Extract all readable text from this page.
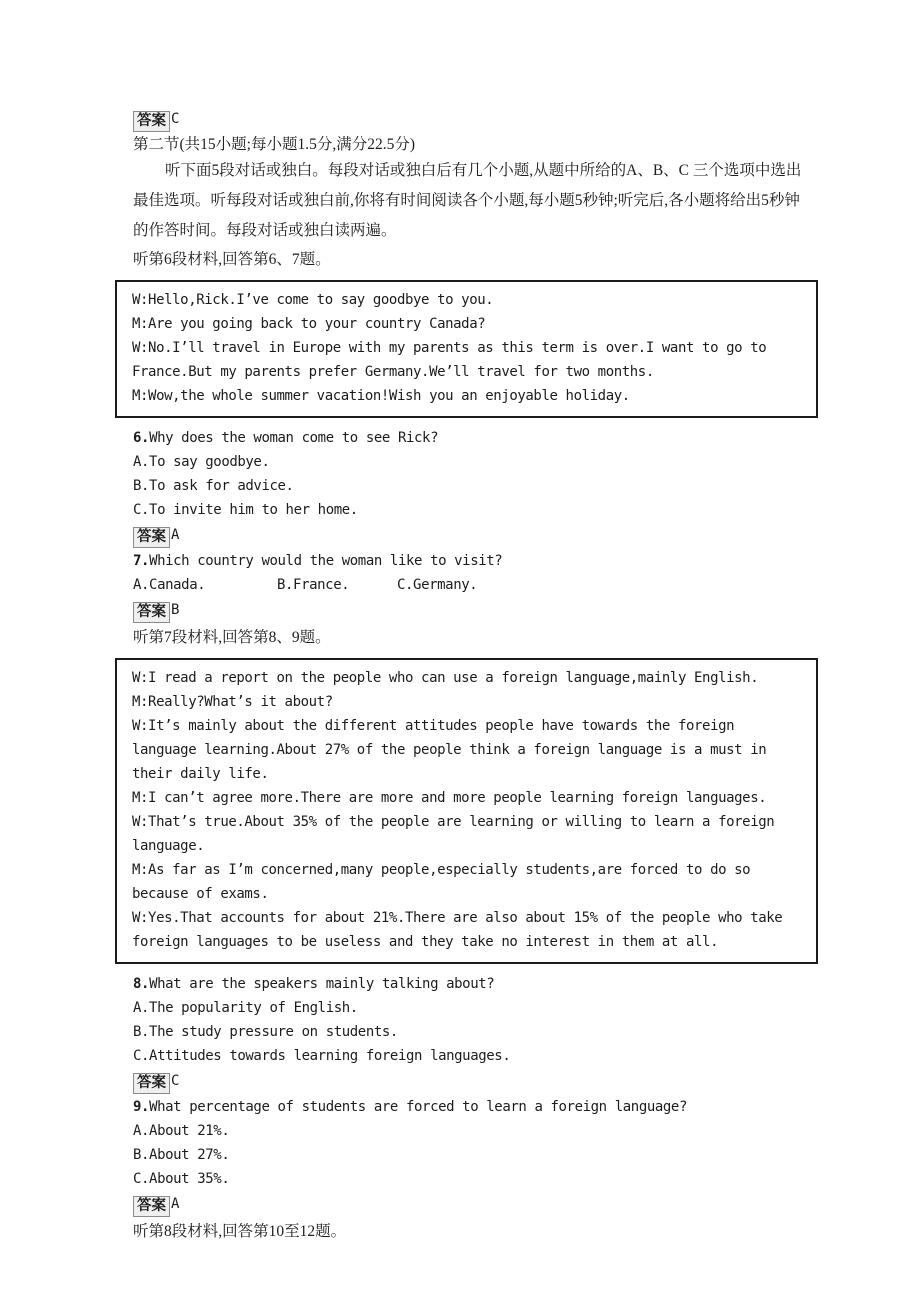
答案 C
第二节(共15小题;每小题1.5分,满分22.5分)

听下面5段对话或独白。每段对话或独白后有几个小题,从题中所给的A、B、C 三个选项中选出最佳选项。听每段对话或独白前,你将有时间阅读各个小题,每小题5秒钟;听完后,各小题将给出5秒钟的作答时间。每段对话或独白读两遍。

听第6段材料,回答第6、7题。

W:Hello,Rick.I’ve come to say goodbye to you.

M:Are you going back to your country Canada?

W:No.I’ll travel in Europe with my parents as this term is over.I want to go to France.But my parents prefer Germany.We’ll travel for two months.

M:Wow,the whole summer vacation!Wish you an enjoyable holiday.

6.Why does the woman come to see Rick?
A.To say goodbye.
B.To ask for advice.
C.To invite him to her home.
答案 A
7.Which country would the woman like to visit?
A.Canada.	B.France.	C.Germany.
答案 B
听第7段材料,回答第8、9题。

W:I read a report on the people who can use a foreign language,mainly English.

M:Really?What’s it about?

W:It’s mainly about the different attitudes people have towards the foreign language learning.About 27% of the people think a foreign language is a must in their daily life.

M:I can’t agree more.There are more and more people learning foreign languages.

W:That’s true.About 35% of the people are learning or willing to learn a foreign language.

M:As far as I’m concerned,many people,especially students,are forced to do so because of exams.

W:Yes.That accounts for about 21%.There are also about 15% of the people who take foreign languages to be useless and they take no interest in them at all.

8.What are the speakers mainly talking about?
A.The popularity of English.
B.The study pressure on students.
C.Attitudes towards learning foreign languages.
答案 C
9.What percentage of students are forced to learn a foreign language?
A.About 21%.
B.About 27%.
C.About 35%.
答案 A
听第8段材料,回答第10至12题。
